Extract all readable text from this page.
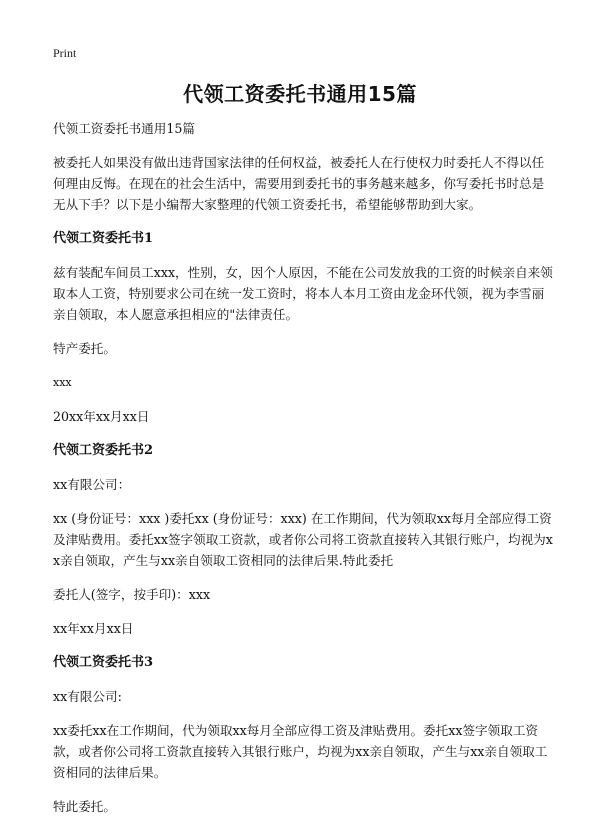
Print
代领工资委托书通用15篇

代领工资委托书通用15篇

被委托人如果没有做出违背国家法律的任何权益，被委托人在行使权力时委托人不得以任何理由反悔。在现在的社会生活中，需要用到委托书的事务越来越多，你写委托书时总是无从下手？以下是小编帮大家整理的代领工资委托书，希望能够帮助到大家。

代领工资委托书1

兹有装配车间员工xxx，性别，女，因个人原因，不能在公司发放我的工资的时候亲自来领取本人工资，特别要求公司在统一发工资时，将本人本月工资由龙金环代领，视为李雪丽亲自领取，本人愿意承担相应的"法律责任。

特产委托。

xxx

20xx年xx月xx日

代领工资委托书2

xx有限公司：

xx (身份证号：xxx )委托xx (身份证号：xxx) 在工作期间，代为领取xx每月全部应得工资及津贴费用。委托xx签字领取工资款，或者你公司将工资款直接转入其银行账户，均视为xx亲自领取，产生与xx亲自领取工资相同的法律后果.特此委托

委托人(签字，按手印)：xxx

xx年xx月xx日

代领工资委托书3

xx有限公司:

xx委托xx在工作期间，代为领取xx每月全部应得工资及津贴费用。委托xx签字领取工资款，或者你公司将工资款直接转入其银行账户，均视为xx亲自领取，产生与xx亲自领取工资相同的法律后果。

特此委托。
